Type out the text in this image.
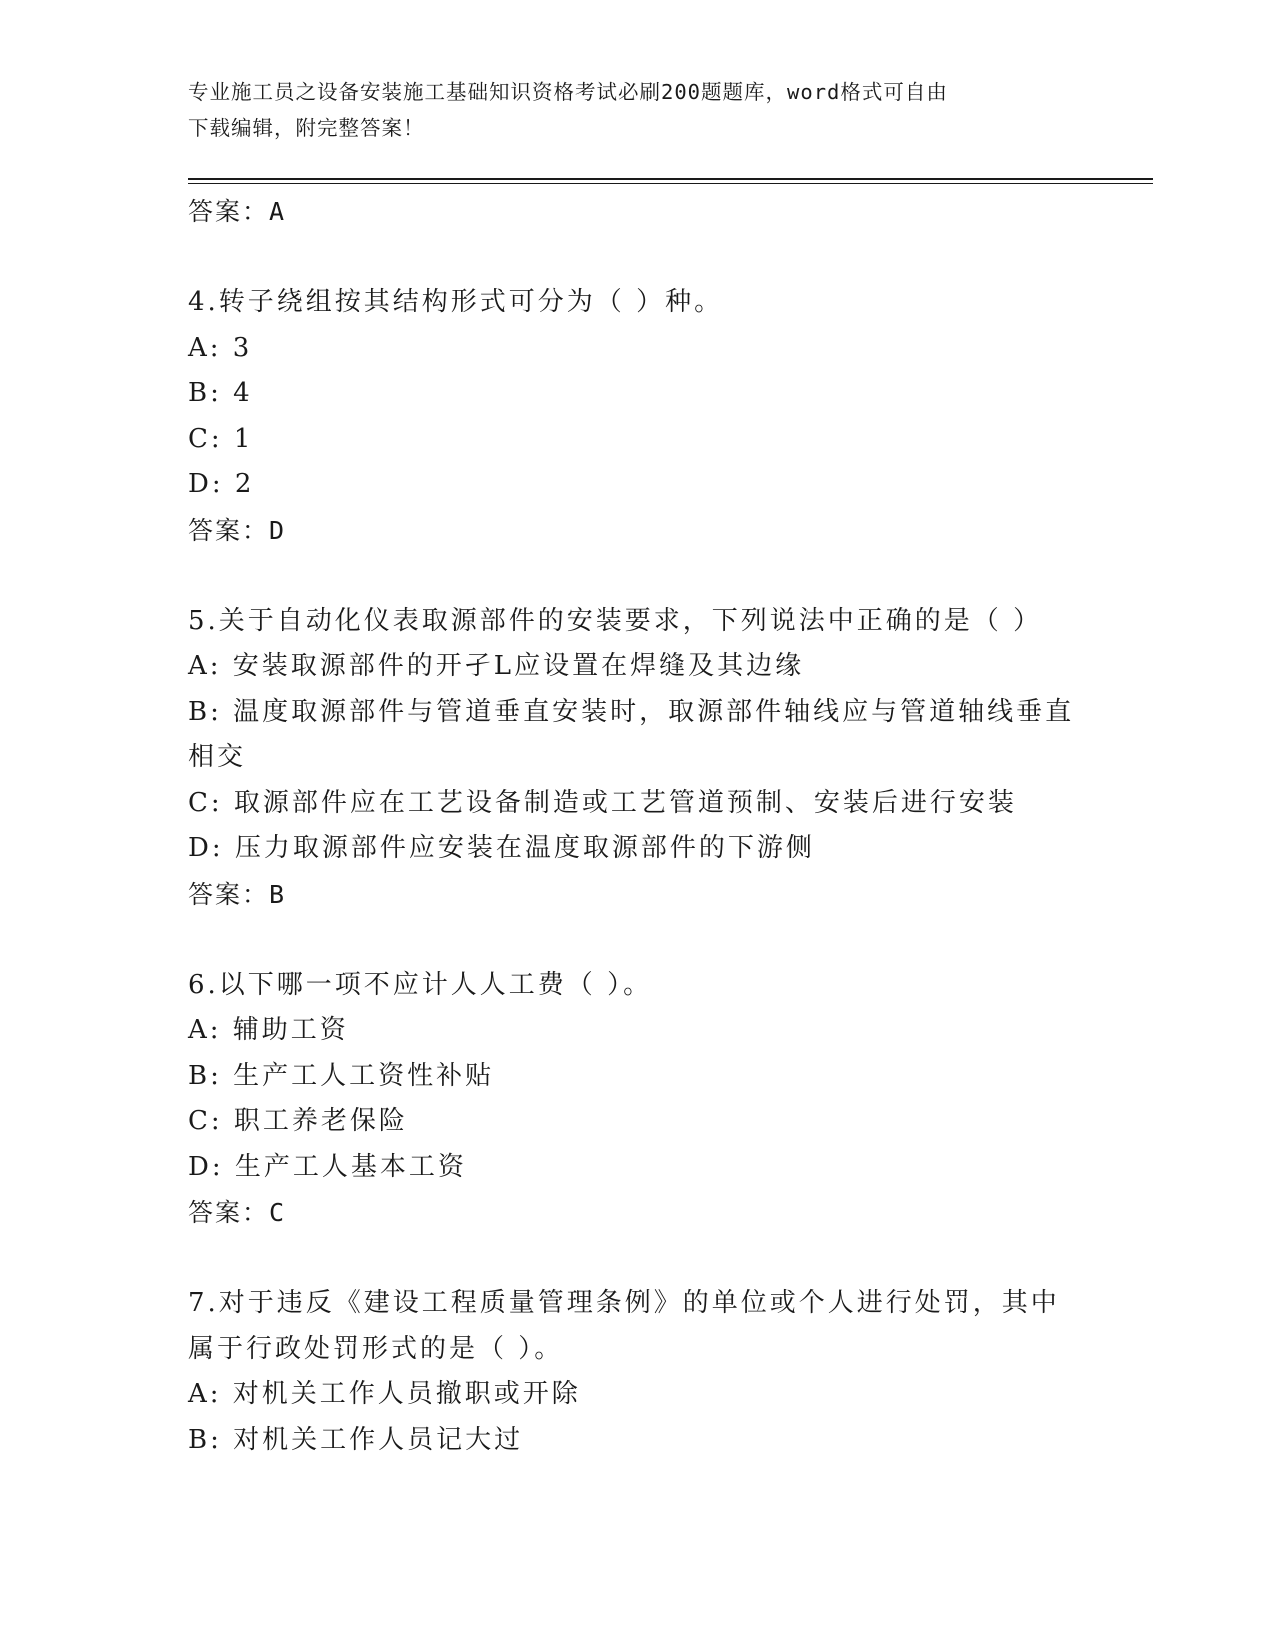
专业施工员之设备安装施工基础知识资格考试必刷200题题库，word格式可自由
下载编辑，附完整答案！
答案：A
4.转子绕组按其结构形式可分为（ ）种。
A: 3
B: 4
C: 1
D: 2
答案：D
5.关于自动化仪表取源部件的安装要求，下列说法中正确的是（ ）
A: 安装取源部件的开孑L应设置在焊缝及其边缘
B: 温度取源部件与管道垂直安装时，取源部件轴线应与管道轴线垂直
相交
C: 取源部件应在工艺设备制造或工艺管道预制、安装后进行安装
D: 压力取源部件应安装在温度取源部件的下游侧
答案：B
6.以下哪一项不应计人人工费（ ）。
A: 辅助工资
B: 生产工人工资性补贴
C: 职工养老保险
D: 生产工人基本工资
答案：C
7.对于违反《建设工程质量管理条例》的单位或个人进行处罚，其中
属于行政处罚形式的是（ ）。
A: 对机关工作人员撤职或开除
B: 对机关工作人员记大过
